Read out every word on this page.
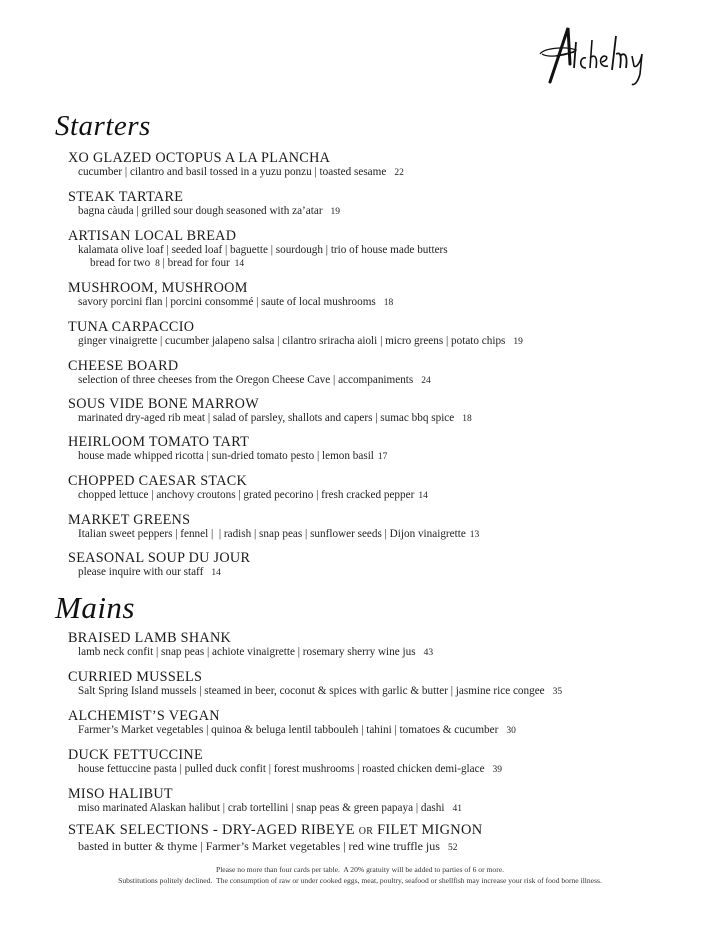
Starters
XO GLAZED OCTOPUS A LA PLANCHA
cucumber | cilantro and basil tossed in a yuzu ponzu | toasted sesame 22
STEAK TARTARE
bagna càuda | grilled sour dough seasoned with za’atar 19
ARTISAN LOCAL BREAD
kalamata olive loaf | seeded loaf | baguette | sourdough | trio of house made butters
bread for two 8 | bread for four 14
MUSHROOM, MUSHROOM
savory porcini flan | porcini consommé | saute of local mushrooms 18
TUNA CARPACCIO
ginger vinaigrette | cucumber jalapeno salsa | cilantro sriracha aioli | micro greens | potato chips 19
CHEESE BOARD
selection of three cheeses from the Oregon Cheese Cave | accompaniments 24
SOUS VIDE BONE MARROW
marinated dry-aged rib meat | salad of parsley, shallots and capers | sumac bbq spice 18
HEIRLOOM TOMATO TART
house made whipped ricotta | sun-dried tomato pesto | lemon basil 17
CHOPPED CAESAR STACK
chopped lettuce | anchovy croutons | grated pecorino | fresh cracked pepper 14
MARKET GREENS
Italian sweet peppers | fennel |  | radish | snap peas | sunflower seeds | Dijon vinaigrette 13
SEASONAL SOUP DU JOUR
please inquire with our staff 14
Mains
BRAISED LAMB SHANK
lamb neck confit | snap peas | achiote vinaigrette | rosemary sherry wine jus 43
CURRIED MUSSELS
Salt Spring Island mussels | steamed in beer, coconut & spices with garlic & butter | jasmine rice congee 35
ALCHEMIST’S VEGAN
Farmer’s Market vegetables | quinoa & beluga lentil tabbouleh | tahini | tomatoes & cucumber 30
DUCK FETTUCCINE
house fettuccine pasta | pulled duck confit | forest mushrooms | roasted chicken demi-glace 39
MISO HALIBUT
miso marinated Alaskan halibut | crab tortellini | snap peas & green papaya | dashi 41
STEAK SELECTIONS - DRY-AGED RIBEYE OR FILET MIGNON
basted in butter & thyme | Farmer’s Market vegetables | red wine truffle jus 52
Please no more than four cards per table.  A 20% gratuity will be added to parties of 6 or more.
Substitutions politely declined.  The consumption of raw or under cooked eggs, meat, poultry, seafood or shellfish may increase your risk of food borne illness.
